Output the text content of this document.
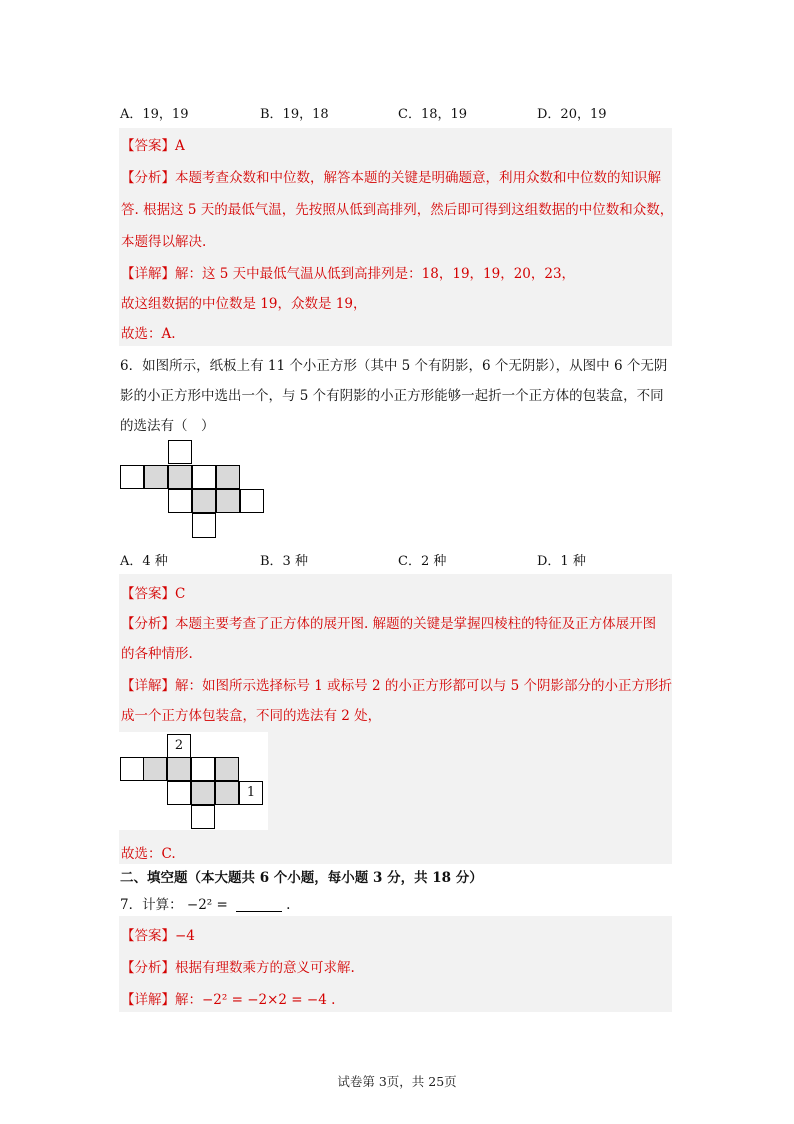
A．19，19	B．19，18	C．18，19	D．20，19
【答案】A
【分析】本题考查众数和中位数，解答本题的关键是明确题意，利用众数和中位数的知识解
答. 根据这 5 天的最低气温，先按照从低到高排列，然后即可得到这组数据的中位数和众数，
本题得以解决.
【详解】解：这 5 天中最低气温从低到高排列是：18，19，19，20，23，
故这组数据的中位数是 19，众数是 19，
故选：A.
6．如图所示，纸板上有 11 个小正方形（其中 5 个有阴影，6 个无阴影），从图中 6 个无阴
影的小正方形中选出一个，与 5 个有阴影的小正方形能够一起折一个正方体的包装盒，不同
的选法有（　）
A．4 种	B．3 种	C．2 种	D．1 种
【答案】C
【分析】本题主要考查了正方体的展开图. 解题的关键是掌握四棱柱的特征及正方体展开图
的各种情形.
【详解】解：如图所示选择标号 1 或标号 2 的小正方形都可以与 5 个阴影部分的小正方形折
成一个正方体包装盒，不同的选法有 2 处，
2
1
故选：C.
二、填空题（本大题共 6 个小题，每小题 3 分，共 18 分）
7．计算： −2² =	.
【答案】−4
【分析】根据有理数乘方的意义可求解.
【详解】解：−2² = −2×2 = −4 .
试卷第 3页，共 25页
